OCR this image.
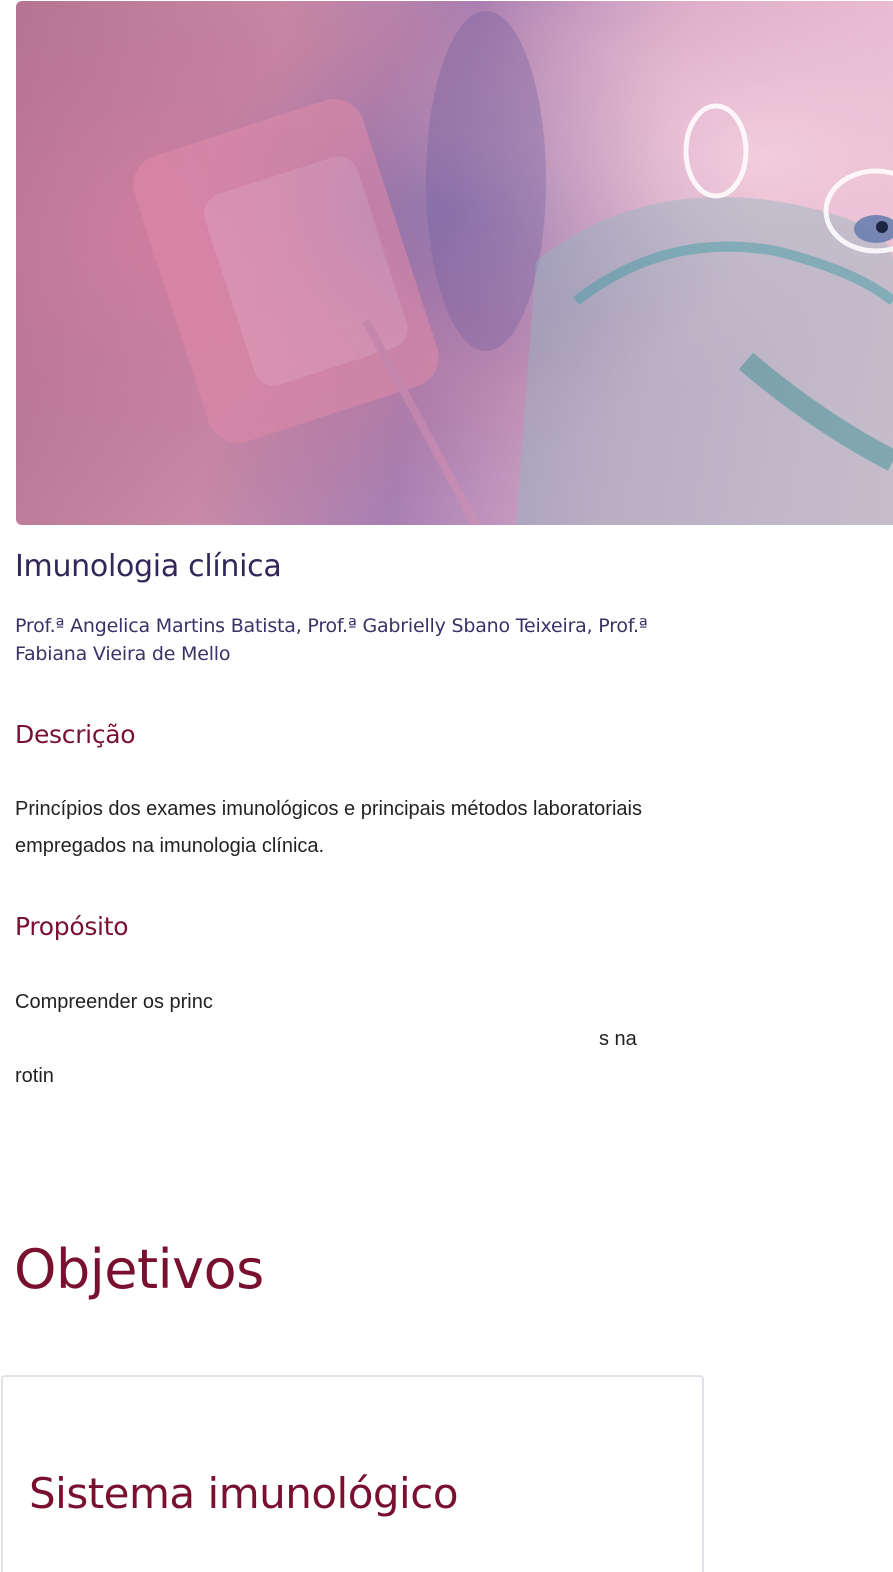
Imunologia clínica

Prof.ª Angelica Martins Batista, Prof.ª Gabrielly Sbano Teixeira, Prof.ª Fabiana Vieira de Mello

Descrição

Princípios dos exames imunológicos e principais métodos laboratoriais empregados na imunologia clínica.

Propósito

Compreender os princ

s na

rotin

Objetivos
Sistema imunológico
